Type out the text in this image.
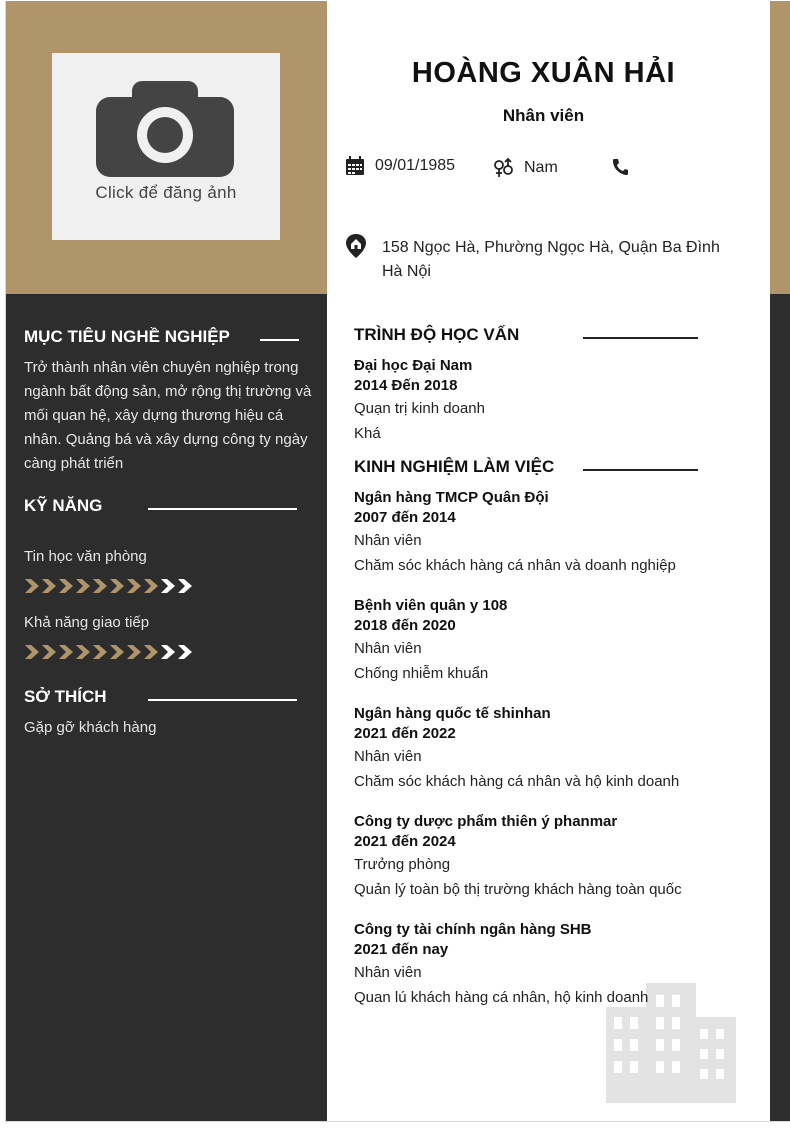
Click để đăng ảnh
HOÀNG XUÂN HẢI
Nhân viên
09/01/1985	Nam
158 Ngọc Hà, Phường Ngọc Hà, Quận Ba Đình Hà Nội
MỤC TIÊU NGHỀ NGHIỆP
Trở thành nhân viên chuyên nghiệp trong ngành bất động sản, mở rộng thị trường và mối quan hệ, xây dựng thương hiệu cá nhân. Quảng bá và xây dựng công ty ngày càng phát triển
KỸ NĂNG
Tin học văn phòng
Khả năng giao tiếp
SỞ THÍCH
Gặp gỡ khách hàng
TRÌNH ĐỘ HỌC VẤN
Đại học Đại Nam
2014 Đến 2018
Quạn trị kinh doanh
Khá
KINH NGHIỆM LÀM VIỆC
Ngân hàng TMCP Quân Đội
2007 đến 2014
Nhân viên
Chăm sóc khách hàng cá nhân và doanh nghiệp
Bệnh viên quân y 108
2018 đến 2020
Nhân viên
Chống nhiễm khuẩn
Ngân hàng quốc tế shinhan
2021 đến 2022
Nhân viên
Chăm sóc khách hàng cá nhân và hộ kinh doanh
Công ty dược phẩm thiên ý phanmar
2021 đến 2024
Trưởng phòng
Quản lý toàn bộ thị trường khách hàng toàn quốc
Công ty tài chính ngân hàng SHB
2021 đến nay
Nhân viên
Quan lú khách hàng cá nhân, hộ kinh doanh
